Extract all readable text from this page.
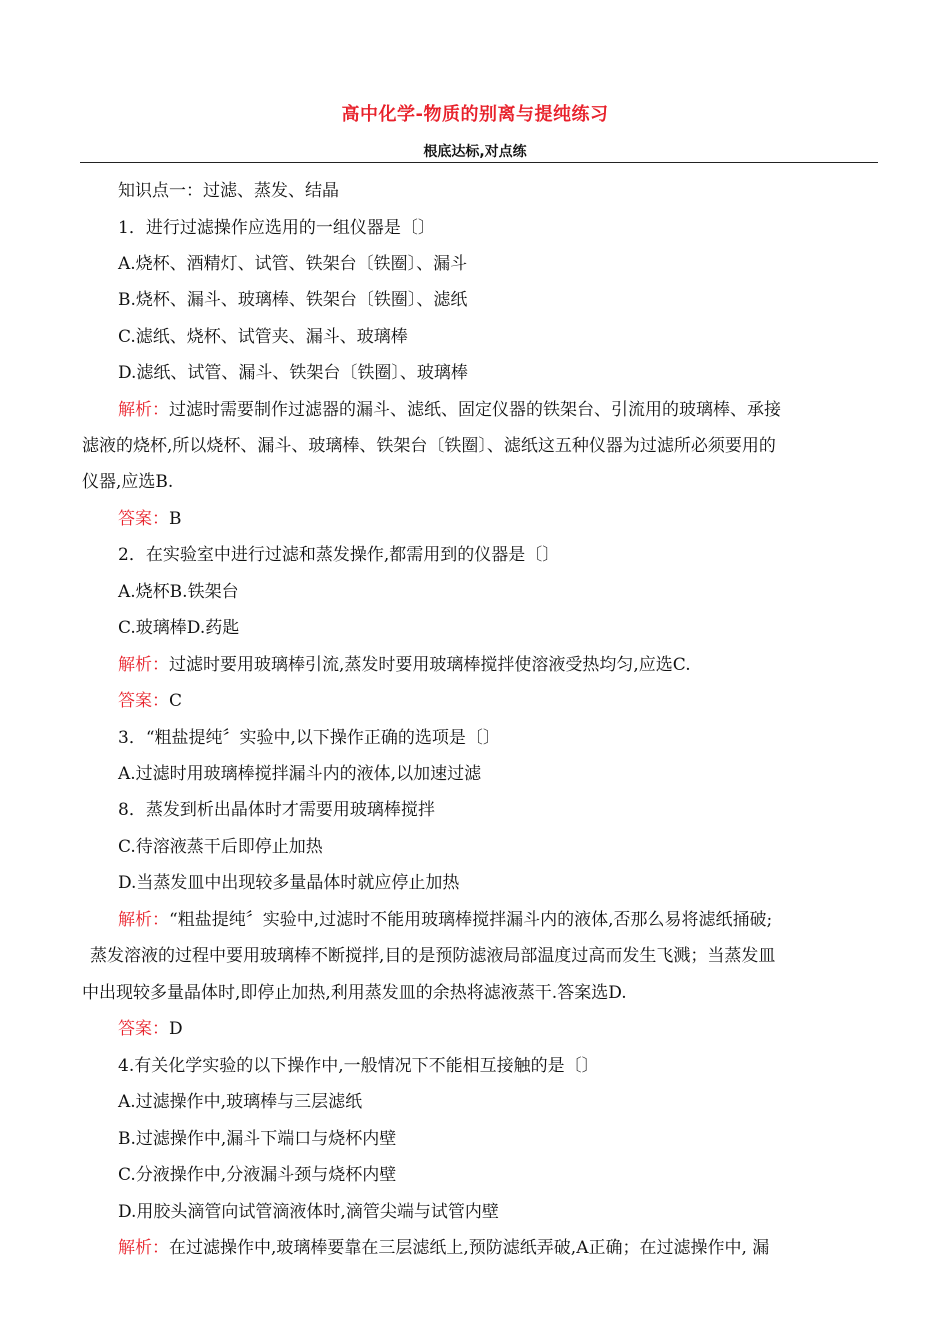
高中化学-物质的别离与提纯练习
根底达标,对点练
知识点一：过滤、蒸发、结晶
1．进行过滤操作应选用的一组仪器是〔〕
A.烧杯、酒精灯、试管、铁架台〔铁圈〕、漏斗
B.烧杯、漏斗、玻璃棒、铁架台〔铁圈〕、滤纸
C.滤纸、烧杯、试管夹、漏斗、玻璃棒
D.滤纸、试管、漏斗、铁架台〔铁圈〕、玻璃棒
解析：过滤时需要制作过滤器的漏斗、滤纸、固定仪器的铁架台、引流用的玻璃棒、承接
滤液的烧杯,所以烧杯、漏斗、玻璃棒、铁架台〔铁圈〕、滤纸这五种仪器为过滤所必须要用的
仪器,应选B.
答案：B
2．在实验室中进行过滤和蒸发操作,都需用到的仪器是〔〕
A.烧杯B.铁架台
C.玻璃棒D.药匙
解析：过滤时要用玻璃棒引流,蒸发时要用玻璃棒搅拌使溶液受热均匀,应选C.
答案：C
3．“粗盐提纯〞实验中,以下操作正确的选项是〔〕
A.过滤时用玻璃棒搅拌漏斗内的液体,以加速过滤
8．蒸发到析出晶体时才需要用玻璃棒搅拌
C.待溶液蒸干后即停止加热
D.当蒸发皿中出现较多量晶体时就应停止加热
解析：“粗盐提纯〞实验中,过滤时不能用玻璃棒搅拌漏斗内的液体,否那么易将滤纸捅破;
蒸发溶液的过程中要用玻璃棒不断搅拌,目的是预防滤液局部温度过高而发生飞溅；当蒸发皿
中出现较多量晶体时,即停止加热,利用蒸发皿的余热将滤液蒸干.答案选D.
答案：D
4.有关化学实验的以下操作中,一般情况下不能相互接触的是〔〕
A.过滤操作中,玻璃棒与三层滤纸
B.过滤操作中,漏斗下端口与烧杯内壁
C.分液操作中,分液漏斗颈与烧杯内壁
D.用胶头滴管向试管滴液体时,滴管尖端与试管内壁
解析：在过滤操作中,玻璃棒要靠在三层滤纸上,预防滤纸弄破,A正确；在过滤操作中, 漏
